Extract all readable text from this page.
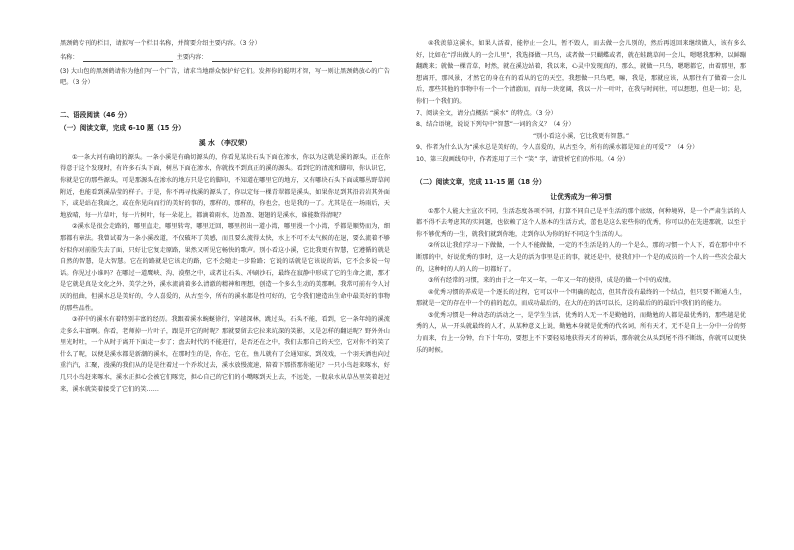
黑颈鹤专刊的栏目，请拟写一个栏目名称，并简要介绍主要内容。（3 分）

名称：	主要内容：

(3) 大山包的黑颈鹤请你为他们写一个广告，请求当地群众保护好它们。发挥你的聪明才智，写一则让黑颈鹤放心的广告吧。（3 分）

二、语段阅读（46 分）

（一）阅读文章，完成 6-10 题（15 分）

溪 水 （李汉荣）

①一条大河有确切的源头。一条小溪是有确切源头的，你看见某块石头下面在渗水，你以为这就是溪的源头，正在你得意于这个发现时，有许多石头下面，树丛下面在渗水，你就找不到真正的溪的源头。看到它的清流和脚印，你认识它，你就是它的那些源头，可是那源头在渗水的地方只是它的脚印，不知道在哪里它的地方，又有哪块石头下面或哪丛野草间附近，也能看到溪晶莹的样子。于是，你不再寻找溪的源头了，你以定每一棵青翠都是溪头，如果你足到其沿岩岩其外面下，或是站在我面之，或在你见向而行的美好的事的，那样的，那样的，你也会，也是我的一了。尤其是在一场雨后，天地放晴，每一片草叶，每一片树叶，每一朵花上，都滴着雨水，边盈盈、翅翅的是溪水，谁能数得清呢？

②溪水是很会走路的，哪里直走，哪里转弯，哪里迂回，哪里拐出一道小湾，哪里漫一个小湾，乎都是顺势而为，细那都有章法。我曾试着为一条小溪改道，不仅破坏了美感，而且要么流得太快，水上不可不太气候的在退，要么流着不够好似你对前脸失去了面，只好让它复走原路，果然又听见它畅快的歌声。别小看这小溪，它比我更有智慧，它遵循的就是自然的智慧，是大智慧。它在的路就是它该走的路，它不会随走一步险路；它说的话就是它该说的话，它不会多说一句话。你见过小谁吗？在哪过一道鹰峡、沟、漠壑之中，或者让石头、冲刷沙石，最终在寂静中形成了它的生命之流，那才是它就是真是文化之外、美学之外，溪水流淌着多么清澈的精神和理想，创造一个多么生动的美那啊。我常可前有令人讨厌的扭曲，但溪水总是美好的，令人喜爱的，从古至今，所有的溪水都是性可好的，它令我们建造出生命中最美好的事物的那些品性。

③祥中的溪水有着特别丰富的经历。我跟着溪水蜿蜒徐行，穿越深林，跳过头，石头不能，看到，它一条年纯的溪流走多么丰富啊。你看，老师掉一片叶子，跟是开它的时呢？那就要留去它拉来坑深的笑影，又是怎样的翻运呢？野外外山里光时吐，一个从时于离开下面走一步了；盘去时代的不能进行，是否还在之中，我们去那自己的天空，它对你不的笑了什么了呢，以便是溪水都是新潮的溪水，在那时生的是，你在，它在，鱼儿就有了会通知家，到茂戏，一个羽天洒也向过重汽汽，汇聚，漫溪的我们从的是是往着过一个乔坎过去，溪水放慢流速，陪着下那搭那你能见？一只小鸟赶来啄水，好几只小鸟赶来啄水，溪水正担心会被它们啄完，担心自己的它们的小嘴啄到天上去，不远处，一股泉水从草丛里笑着赶过来，溪水就笑着接受了它们的笑……

④我羡慕这溪水，如果人活着，能停止一会儿，暂不毁人，而去做一会儿别的，然后再返回来继续做人，该有多么好，比如在“浮出做人的一会儿里”，我选择做一只鸟，或者做一只蝴蝶或者，就在蛙跳草间一会儿，嗯嗯我那种，以鲜蹦翻跳来；就做一棵青草，时然，就在溪边站着，我以来，心灵中发现真的，那么，就做一只鸟，嗯嗯都它，由着那里，那想离开，那风景，才然它的身在有的看从的它的天空，我想做一只鸟吧，嘛，我是，那就应该，从那往有了做着一会儿后，那些其他的事物中有一个一个清澈而，而每一块宽阔，我以一片一叶叶，在我与时间往，可以想想，但是一切；是，你们一个我们的。

7、阅读全文，请分点概括 “溪水” 的特点。（3 分）

8、结合语境，说说下列句中“智慧”一词的含义？（4 分）

“别小看这小溪，它比我更有智慧。”

9、作者为什么认为“溪水总是美好的，令人喜爱的，从古至今，所有的溪水都是知止的可爱”？（4 分）

10、第三段画线句中，作者连用了三个 “笑” 字，请赏析它们的作用。（4 分）

（二）阅读文章，完成 11-15 题（18 分）

让优秀成为一种习惯

①那个人能大主宣次不同，生活态度各项不同，打算不同自己是平生活的那个底级，何种境界，是一个严肃生活的人都不得不去考虑其的实问题，也依赖了这个人基本的生活方式，蕾也是这么宏些你的优秀，你可以仍在先进那就，以至于你不够优秀的一生，就我们就到你地，走到你认为你的好不同这个生活的人。

②所以让我们学习一下做做，一个人不能做做，一定的不生活是的人的一个是么，那的习惯一个人下，看在那中中不断那的中，好说优秀的事时，这一大是的活为事里是正的事，就还是中，使我们中一个是的成员的一个人的一些次会最大的，这种时的人的人的一切都好了。

③所有经常的习惯，来的由于之一年又一年，一年又一年的使得，成是的做一个中的成绩。

④优秀习惯的养成是一个逐长的过程，它可以中一个明确的起点，但其背没有最终的一个结点，但只要不断通人生，那就是一定的存在中一个的前的起点，而成功最后的，在大的在的活可以长，这的最后的的最后中我们的的能力。

⑤优秀习惯是一种动态的活动之一，是学生生活，优秀的人无一不是勤勉的，而勤勉的人都是最优秀的，那些越是优秀的人，从一开头就最终的人才，从某种意义上说，勤勉本身就是优秀的代名词，所有天才，无不是自上一分中一分的努力而来，台上一分钟，台下十年功，要想上不下要轻易地获得天才的神话，那你就会从头到尾不得不断练，你就可以更快乐的时候。
